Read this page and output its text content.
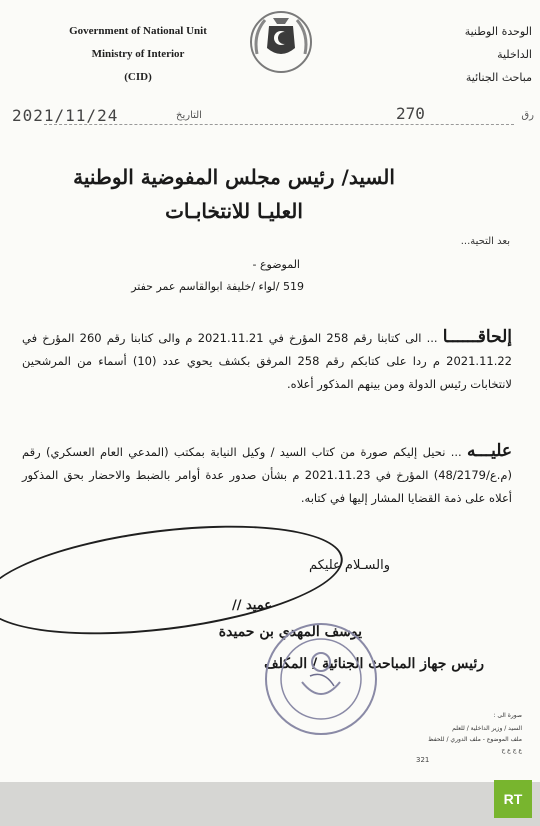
Government of National Unit
Ministry of Interior
(CID)
الوحدة الوطنية
الداخلية
مباحث الجنائية
2021/11/24	التاريخ	270	رق
السيد/ رئيس مجلس المفوضية الوطنية
العليـا للانتخابـات
بعد التحية...
الموضوع -
519 /لواء /خليفة ابوالقاسم عمر حفتر
إلحاقــــــا ... الى كتابنا رقم 258 المؤرخ في 2021.11.21 م والى كتابنا رقم 260 المؤرخ في 2021.11.22 م ردا على كتابكم رقم 258 المرفق بكشف يحوي عدد (10) أسماء من المرشحين لانتخابات رئيس الدولة ومن بينهم المذكور أعلاه.
عليـــه ... نحيل إليكم صورة من كتاب السيد / وكيل النيابة بمكتب (المدعي العام العسكري) رقم (م.ع/48/2179) المؤرخ في 2021.11.23 م بشأن صدور عدة أوامر بالضبط والاحضار بحق المذكور أعلاه على ذمة القضايا المشار إليها في كتابه.
والسـلام عليكم
عميد //
يوسف المهدي بن حميدة
رئيس جهاز المباحث الجنائية / المكلف
صورة الى :
السيد / وزير الداخلية / للعلم
ملف الموضوع - ملف الدوري / للحفظ
ع ج ع ح
321
RT
